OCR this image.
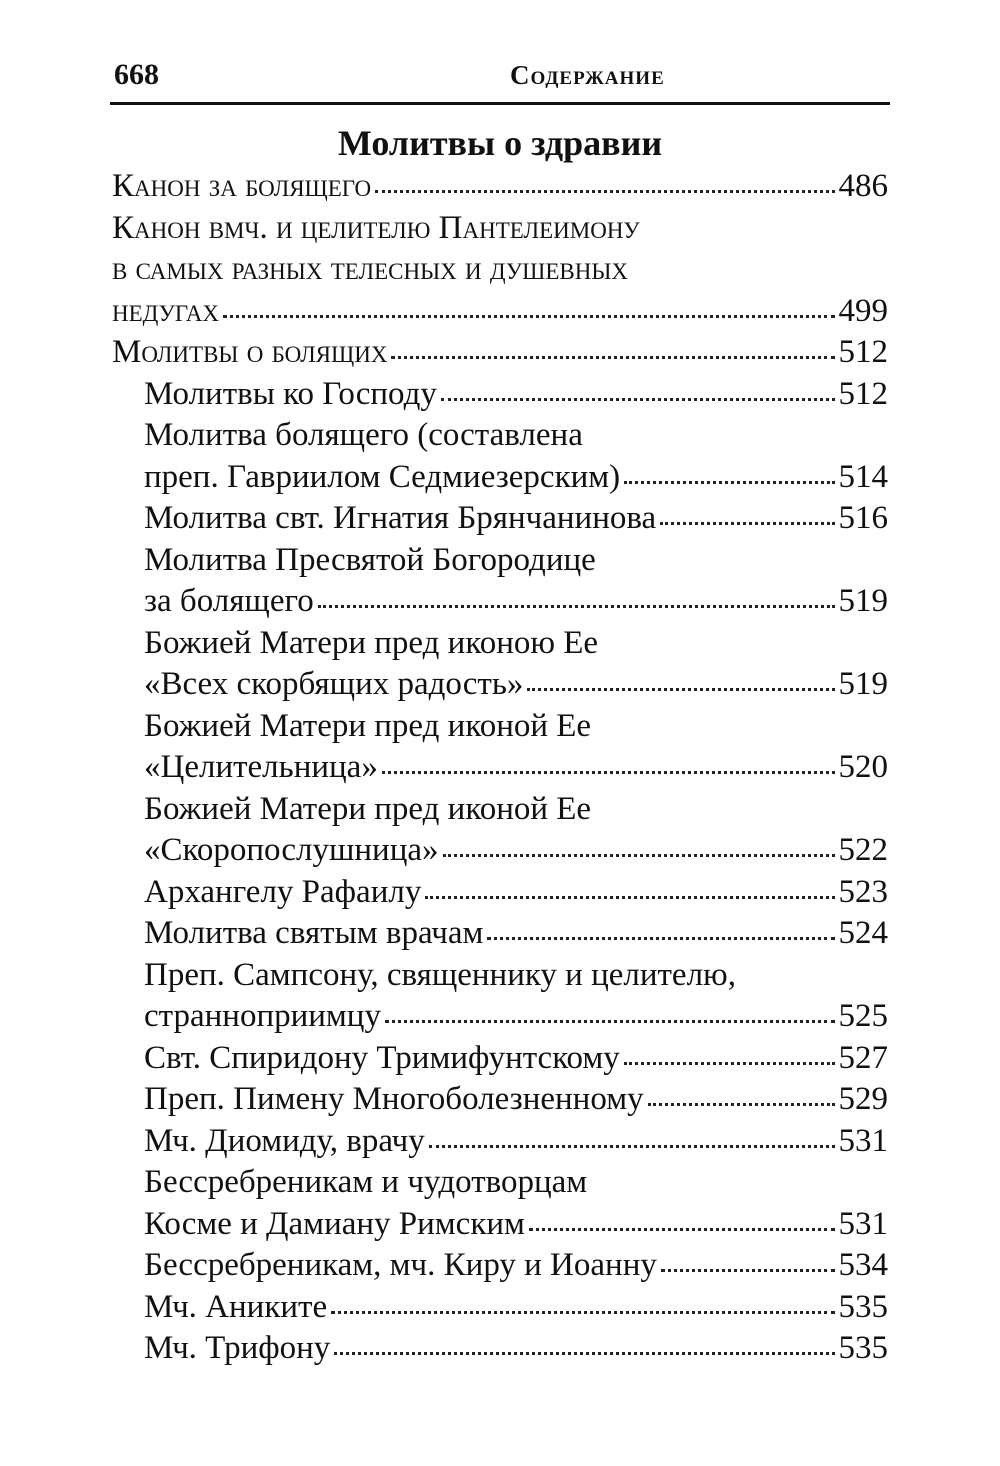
668	Содержание
Молитвы о здравии
Канон за болящего	486
Канон вмч. и целителю Пантелеимону
в самых разных телесных и душевных
недугах	499
Молитвы о болящих	512
Молитвы ко Господу	512
Молитва болящего (составлена
преп. Гавриилом Седмиезерским)	514
Молитва свт. Игнатия Брянчанинова	516
Молитва Пресвятой Богородице
за болящего	519
Божией Матери пред иконою Ее
«Всех скорбящих радость»	519
Божией Матери пред иконой Ее
«Целительница»	520
Божией Матери пред иконой Ее
«Скоропослушница»	522
Архангелу Рафаилу	523
Молитва святым врачам	524
Преп. Сампсону, священнику и целителю,
странноприимцу	525
Свт. Спиридону Тримифунтскому	527
Преп. Пимену Многоболезненному	529
Мч. Диомиду, врачу	531
Бессребреникам и чудотворцам
Косме и Дамиану Римским	531
Бессребреникам, мч. Киру и Иоанну	534
Мч. Аниките	535
Мч. Трифону	535
